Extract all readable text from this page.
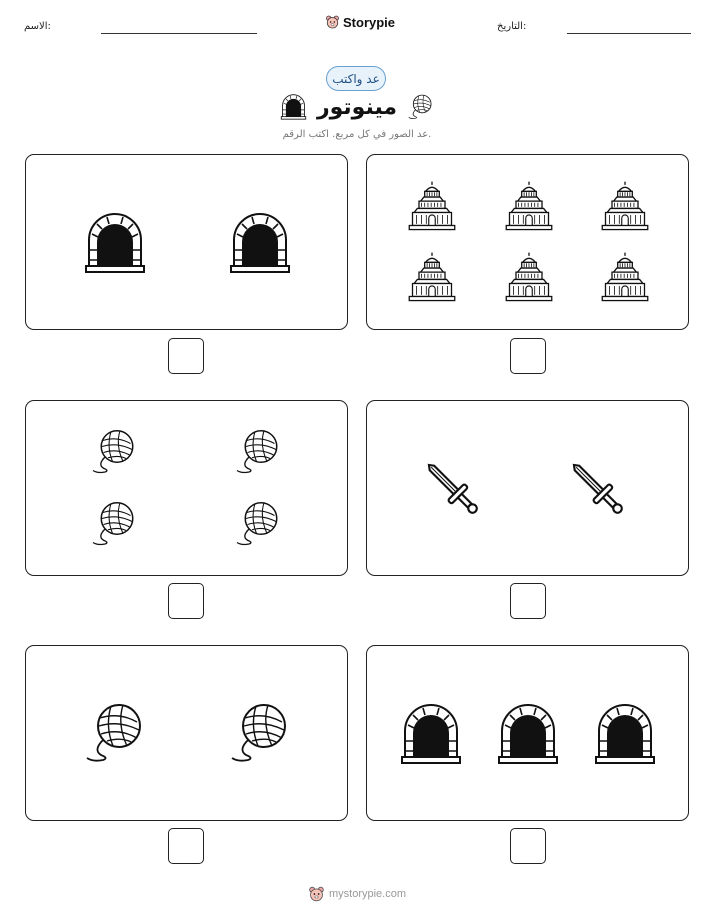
الاسم:	Storypie	التاريخ:
عد واكتب
مينوتور
عد الصور في كل مربع. اكتب الرقم.
mystorypie.com
